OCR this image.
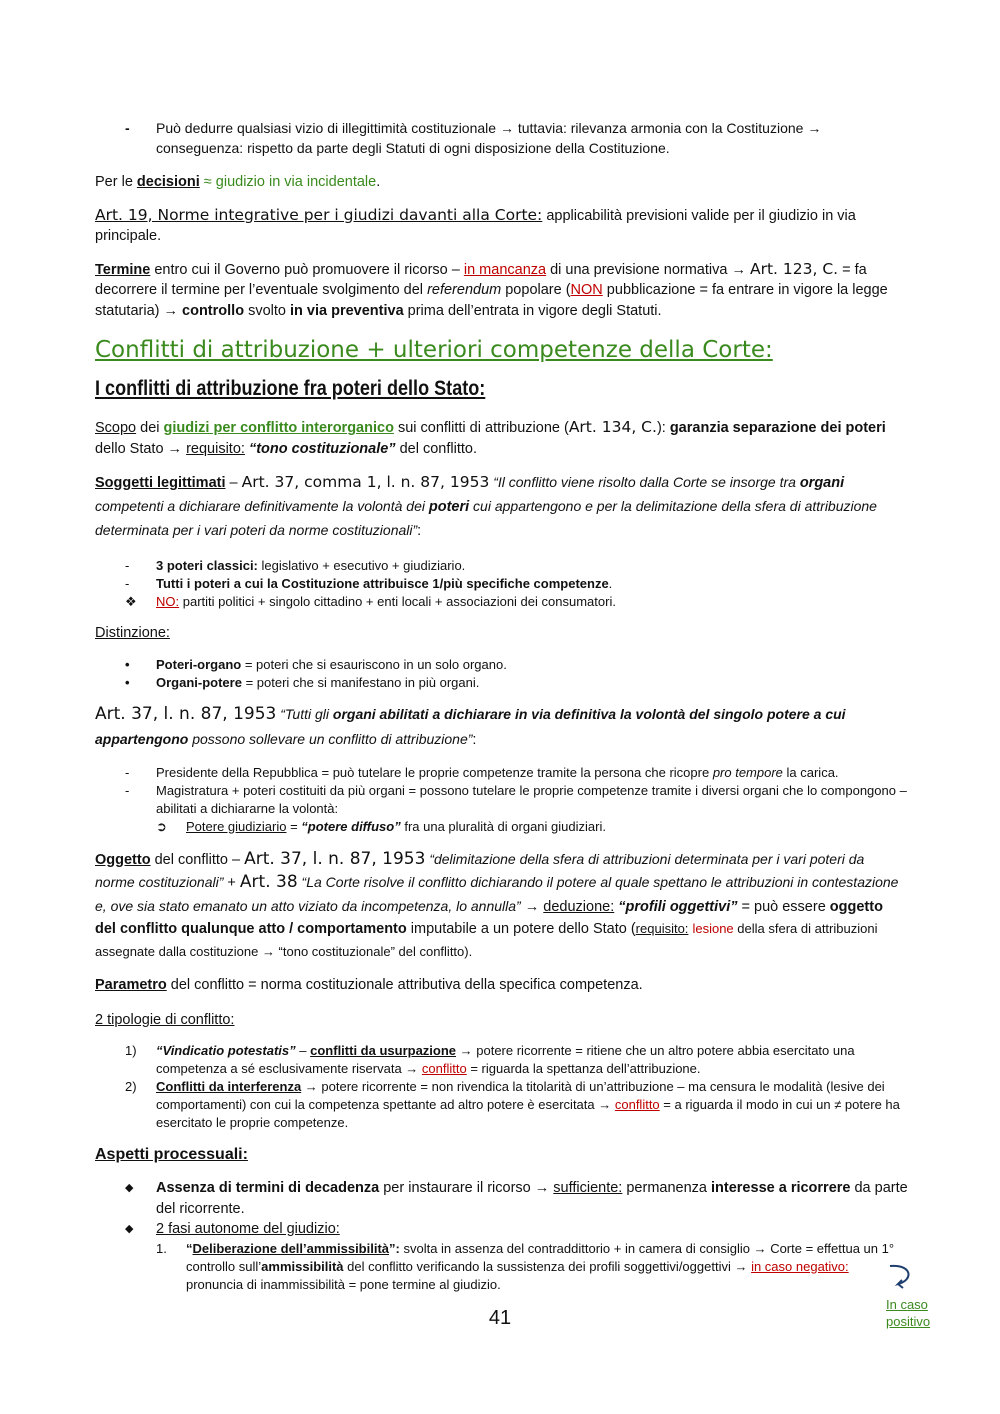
- Può dedurre qualsiasi vizio di illegittimità costituzionale → tuttavia: rilevanza armonia con la Costituzione → conseguenza: rispetto da parte degli Statuti di ogni disposizione della Costituzione.

Per le decisioni ≈ giudizio in via incidentale.

Art. 19, Norme integrative per i giudizi davanti alla Corte: applicabilità previsioni valide per il giudizio in via principale.

Termine entro cui il Governo può promuovere il ricorso – in mancanza di una previsione normativa → Art. 123, C. = fa decorrere il termine per l’eventuale svolgimento del referendum popolare (NON pubblicazione = fa entrare in vigore la legge statutaria) → controllo svolto in via preventiva prima dell’entrata in vigore degli Statuti.

Conflitti di attribuzione + ulteriori competenze della Corte:

I conflitti di attribuzione fra poteri dello Stato:

Scopo dei giudizi per conflitto interorganico sui conflitti di attribuzione (Art. 134, C.): garanzia separazione dei poteri dello Stato → requisito: “tono costituzionale” del conflitto.

Soggetti legittimati – Art. 37, comma 1, l. n. 87, 1953 “Il conflitto viene risolto dalla Corte se insorge tra organi
competenti a dichiarare definitivamente la volontà dei poteri cui appartengono e per la delimitazione della sfera di attribuzione
determinata per i vari poteri da norme costituzionali”:

- 3 poteri classici: legislativo + esecutivo + giudiziario.
- Tutti i poteri a cui la Costituzione attribuisce 1/più specifiche competenze.
❖ NO: partiti politici + singolo cittadino + enti locali + associazioni dei consumatori.

Distinzione:

• Poteri-organo = poteri che si esauriscono in un solo organo.
• Organi-potere = poteri che si manifestano in più organi.

Art. 37, l. n. 87, 1953 “Tutti gli organi abilitati a dichiarare in via definitiva la volontà del singolo potere a cui
appartengono possono sollevare un conflitto di attribuzione”:

- Presidente della Repubblica = può tutelare le proprie competenze tramite la persona che ricopre pro tempore la carica.
- Magistratura + poteri costituiti da più organi = possono tutelare le proprie competenze tramite i diversi organi che lo compongono – abilitati a dichiararne la volontà:
➲ Potere giudiziario = “potere diffuso” fra una pluralità di organi giudiziari.

Oggetto del conflitto – Art. 37, l. n. 87, 1953 “delimitazione della sfera di attribuzioni determinata per i vari poteri da
norme costituzionali” + Art. 38 “La Corte risolve il conflitto dichiarando il potere al quale spettano le attribuzioni in contestazione
e, ove sia stato emanato un atto viziato da incompetenza, lo annulla” → deduzione: “profili oggettivi” = può essere oggetto
del conflitto qualunque atto / comportamento imputabile a un potere dello Stato (requisito: lesione della sfera di attribuzioni assegnate dalla costituzione → “tono costituzionale” del conflitto).

Parametro del conflitto = norma costituzionale attributiva della specifica competenza.

2 tipologie di conflitto:

1) “Vindicatio potestatis” – conflitti da usurpazione → potere ricorrente = ritiene che un altro potere abbia esercitato una competenza a sé esclusivamente riservata → conflitto = riguarda la spettanza dell’attribuzione.
2) Conflitti da interferenza → potere ricorrente = non rivendica la titolarità di un’attribuzione – ma censura le modalità (lesive dei comportamenti) con cui la competenza spettante ad altro potere è esercitata → conflitto = a riguarda il modo in cui un ≠ potere ha esercitato le proprie competenze.

Aspetti processuali:

◆ Assenza di termini di decadenza per instaurare il ricorso → sufficiente: permanenza interesse a ricorrere da parte del ricorrente.
◆ 2 fasi autonome del giudizio:
1. “Deliberazione dell’ammissibilità”: svolta in assenza del contraddittorio + in camera di consiglio → Corte = effettua un 1° controllo sull’ammissibilità del conflitto verificando la sussistenza dei profili soggettivi/oggettivi → in caso negativo: pronuncia di inammissibilità = pone termine al giudizio.
In caso
positivo
41
